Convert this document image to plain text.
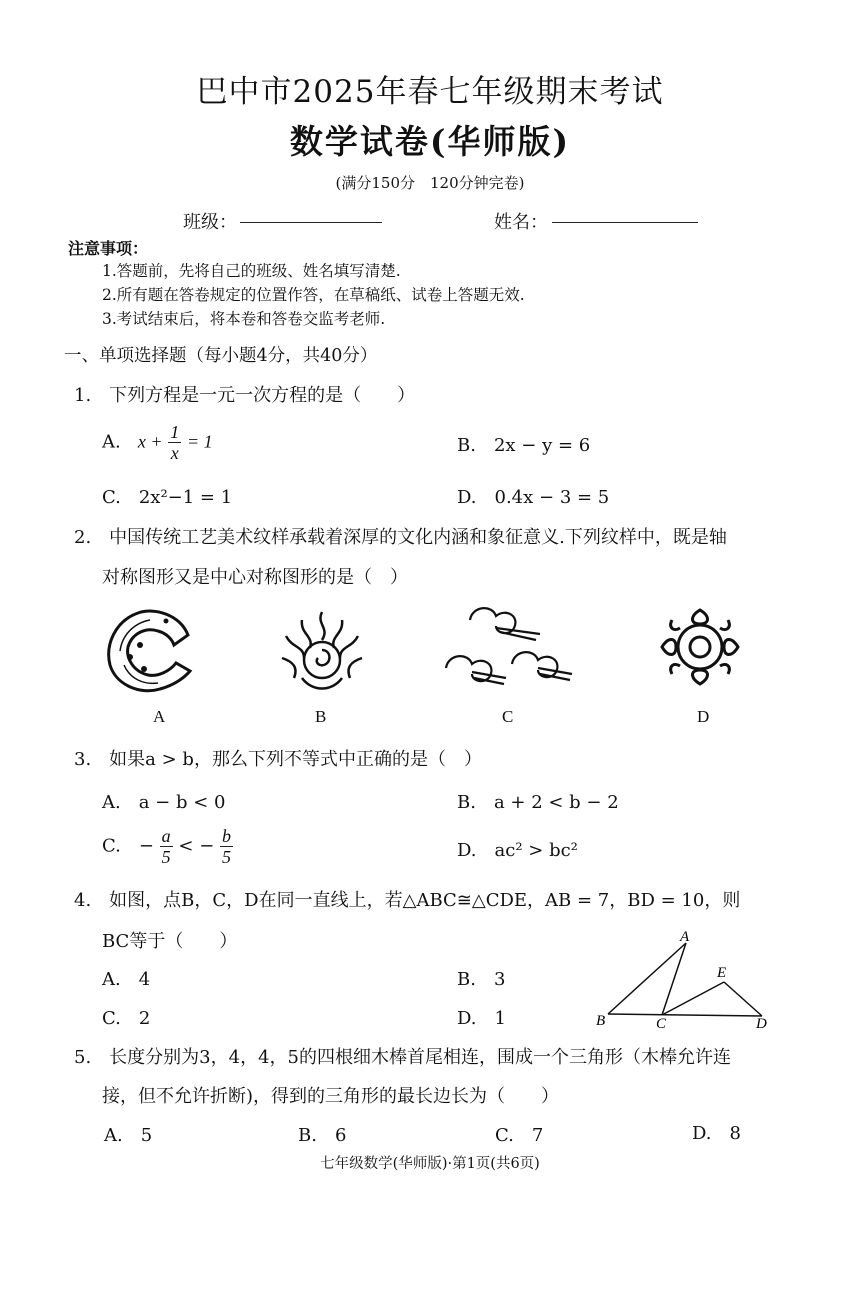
巴中市2025年春七年级期末考试
数学试卷(华师版)
(满分150分　120分钟完卷)
班级：	姓名：
注意事项：
1.答题前，先将自己的班级、姓名填写清楚.
2.所有题在答卷规定的位置作答，在草稿纸、试卷上答题无效.
3.考试结束后，将本卷和答卷交监考老师.
一、单项选择题（每小题4分，共40分）
1.　下列方程是一元一次方程的是（　　）
A. $x + \frac{1}{x} = 1$	B.　2x − y = 6
C.　2x²−1 = 1	D.　0.4x − 3 = 5
2.　中国传统工艺美术纹样承载着深厚的文化内涵和象征意义.下列纹样中，既是轴
对称图形又是中心对称图形的是（　）
A	B	C	D
3.　如果a > b，那么下列不等式中正确的是（　）
A.　a − b < 0	B.　a + 2 < b − 2
C.　− $\frac{a}{5}$ < − $\frac{b}{5}$	D.　ac² > bc²
4.　如图，点B，C，D在同一直线上，若△ABC≅△CDE，AB = 7，BD = 10，则
BC等于（　　）
A.　4	B.　3
C.　2	D.　1
A
B	C	D
E
5.　长度分别为3，4，4，5的四根细木棒首尾相连，围成一个三角形（木棒允许连
接，但不允许折断)，得到的三角形的最长边长为（　　）
A.　5	B.　6	C.　7	D.　8
七年级数学(华师版)·第1页(共6页)
